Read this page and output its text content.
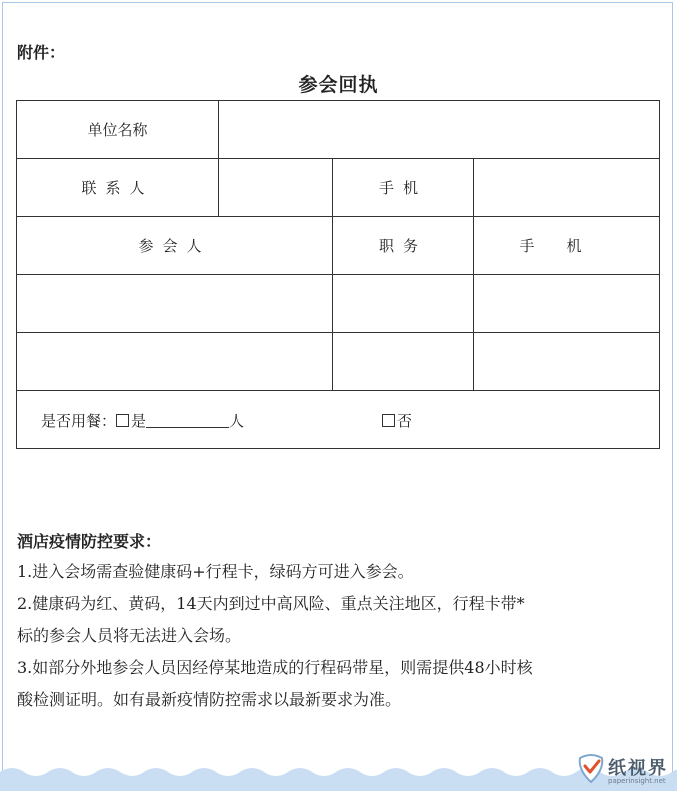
附件：
参会回执
单位名称			
联系人		手机	
参会人		职务	手机

是否用餐： 是 人 否			
酒店疫情防控要求：
1.进入会场需查验健康码+行程卡，绿码方可进入参会。
2.健康码为红、黄码，14天内到过中高风险、重点关注地区，行程卡带*
标的参会人员将无法进入会场。
3.如部分外地参会人员因经停某地造成的行程码带星，则需提供48小时核
酸检测证明。如有最新疫情防控需求以最新要求为准。
纸视界
paperinsight.net
